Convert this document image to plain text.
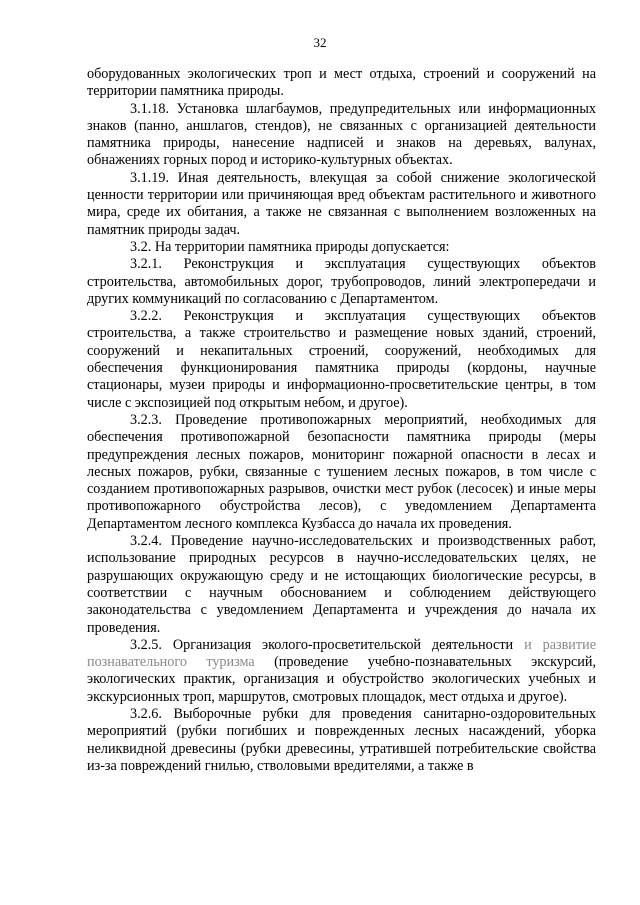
32

оборудованных экологических троп и мест отдыха, строений и сооружений на территории памятника природы.

3.1.18. Установка шлагбаумов, предупредительных или информационных знаков (панно, аншлагов, стендов), не связанных с организацией деятельности памятника природы, нанесение надписей и знаков на деревьях, валунах, обнажениях горных пород и историко-культурных объектах.

3.1.19. Иная деятельность, влекущая за собой снижение экологической ценности территории или причиняющая вред объектам растительного и животного мира, среде их обитания, а также не связанная с выполнением возложенных на памятник природы задач.

3.2. На территории памятника природы допускается:

3.2.1. Реконструкция и эксплуатация существующих объектов строительства, автомобильных дорог, трубопроводов, линий электропередачи и других коммуникаций по согласованию с Департаментом.

3.2.2. Реконструкция и эксплуатация существующих объектов строительства, а также строительство и размещение новых зданий, строений, сооружений и некапитальных строений, сооружений, необходимых для обеспечения функционирования памятника природы (кордоны, научные стационары, музеи природы и информационно-просветительские центры, в том числе с экспозицией под открытым небом, и другое).

3.2.3. Проведение противопожарных мероприятий, необходимых для обеспечения противопожарной безопасности памятника природы (меры предупреждения лесных пожаров, мониторинг пожарной опасности в лесах и лесных пожаров, рубки, связанные с тушением лесных пожаров, в том числе с созданием противопожарных разрывов, очистки мест рубок (лесосек) и иные меры противопожарного обустройства лесов), с уведомлением Департамента Департаментом лесного комплекса Кузбасса до начала их проведения.

3.2.4. Проведение научно-исследовательских и производственных работ, использование природных ресурсов в научно-исследовательских целях, не разрушающих окружающую среду и не истощающих биологические ресурсы, в соответствии с научным обоснованием и соблюдением действующего законодательства с уведомлением Департамента и учреждения до начала их проведения.

3.2.5. Организация эколого-просветительской деятельности и развитие познавательного туризма (проведение учебно-познавательных экскурсий, экологических практик, организация и обустройство экологических учебных и экскурсионных троп, маршрутов, смотровых площадок, мест отдыха и другое).

3.2.6. Выборочные рубки для проведения санитарно-оздоровительных мероприятий (рубки погибших и поврежденных лесных насаждений, уборка неликвидной древесины (рубки древесины, утратившей потребительские свойства из-за повреждений гнилью, стволовыми вредителями, а также в
